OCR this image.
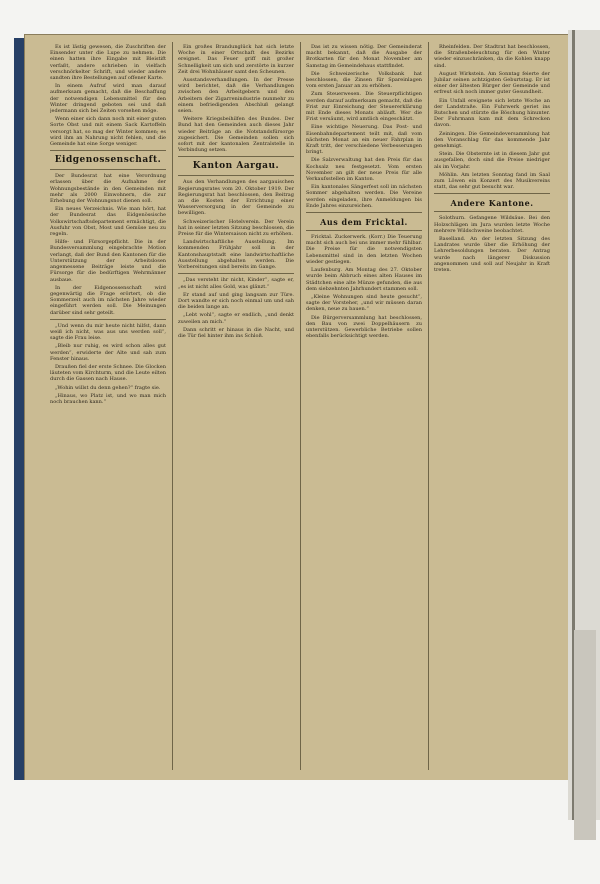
Es ist lästig gewesen, die Zuschriften der Einsender unter die Lupe zu nehmen. Die einen hatten ihre Eingabe mit Bleistift verfaßt, andere schrieben in vielfach verschnörkelter Schrift, und wieder andere sandten ihre Bestellungen auf offener Karte.

In einem Aufruf wird man darauf aufmerksam gemacht, daß die Beschaffung der notwendigen Lebensmittel für den Winter dringend geboten sei und daß jedermann sich bei Zeiten vorsehen möge.

Wenn einer sich dann noch mit einer guten Sorte Obst und mit einem Sack Kartoffeln versorgt hat, so mag der Winter kommen; es wird ihm an Nahrung nicht fehlen, und die Gemeinde hat eine Sorge weniger.

Eidgenossenschaft.

Der Bundesrat hat eine Verordnung erlassen über die Aufnahme der Wohnungsbestände in den Gemeinden mit mehr als 2000 Einwohnern, die zur Erhebung der Wohnungsnot dienen soll.

Ein neues Verzeichnis. Wie man hört, hat der Bundesrat das Eidgenössische Volkswirtschaftsdepartement ermächtigt, die Ausfuhr von Obst, Most und Gemüse neu zu regeln.

Hilfe- und Fürsorgepflicht. Die in der Bundesversammlung eingebrachte Motion verlangt, daß der Bund den Kantonen für die Unterstützung der Arbeitslosen angemessene Beiträge leiste und die Fürsorge für die bedürftigen Wehrmänner ausbaue.

In der Eidgenossenschaft wird gegenwärtig die Frage erörtert, ob die Sommerzeit auch im nächsten Jahre wieder eingeführt werden soll. Die Meinungen darüber sind sehr geteilt.

„Und wenn du mir heute nicht hilfst, dann weiß ich nicht, was aus uns werden soll“, sagte die Frau leise.

„Bleib nur ruhig, es wird schon alles gut werden“, erwiderte der Alte und sah zum Fenster hinaus.

Draußen fiel der erste Schnee. Die Glocken läuteten vom Kirchturm, und die Leute eilten durch die Gassen nach Hause.

„Wohin willst du denn gehen?“ fragte sie.

„Hinaus, wo Platz ist, und wo man mich noch brauchen kann.“

Ein großes Brandunglück hat sich letzte Woche in einer Ortschaft des Bezirks ereignet. Das Feuer griff mit großer Schnelligkeit um sich und zerstörte in kurzer Zeit drei Wohnhäuser samt den Scheunen.

Ausstandsverhandlungen. In der Presse wird berichtet, daß die Verhandlungen zwischen den Arbeitgebern und den Arbeitern der Zigarrenindustrie nunmehr zu einem befriedigenden Abschluß gelangt seien.

Weitere Kriegsbeihilfen des Bundes. Der Bund hat den Gemeinden auch dieses Jahr wieder Beiträge an die Notstandsfürsorge zugesichert. Die Gemeinden sollen sich sofort mit der kantonalen Zentralstelle in Verbindung setzen.

Kanton Aargau.

Aus den Verhandlungen des aargauischen Regierungsrates vom 20. Oktober 1919. Der Regierungsrat hat beschlossen, den Beitrag an die Kosten der Errichtung einer Wasserversorgung in der Gemeinde zu bewilligen.

Schweizerischer Hotelverein. Der Verein hat in seiner letzten Sitzung beschlossen, die Preise für die Wintersaison nicht zu erhöhen.

Landwirtschaftliche Ausstellung. Im kommenden Frühjahr soll in der Kantonshauptstadt eine landwirtschaftliche Ausstellung abgehalten werden. Die Vorbereitungen sind bereits im Gange.

„Das versteht ihr nicht, Kinder“, sagte er, „es ist nicht alles Gold, was glänzt.“

Er stand auf und ging langsam zur Türe. Dort wandte er sich noch einmal um und sah die beiden lange an.

„Lebt wohl“, sagte er endlich, „und denkt zuweilen an mich.“

Dann schritt er hinaus in die Nacht, und die Tür fiel hinter ihm ins Schloß.

Das ist zu wissen nötig. Der Gemeinderat macht bekannt, daß die Ausgabe der Brotkarten für den Monat November am Samstag im Gemeindehaus stattfindet.

Die Schweizerische Volksbank hat beschlossen, die Zinsen für Spareinlagen vom ersten Januar an zu erhöhen.

Zum Steuerwesen. Die Steuerpflichtigen werden darauf aufmerksam gemacht, daß die Frist zur Einreichung der Steuererklärung mit Ende dieses Monats abläuft. Wer die Frist versäumt, wird amtlich eingeschätzt.

Eine wichtige Neuerung. Das Post- und Eisenbahndepartement teilt mit, daß vom nächsten Monat an ein neuer Fahrplan in Kraft tritt, der verschiedene Verbesserungen bringt.

Die Salzverwaltung hat den Preis für das Kochsalz neu festgesetzt. Vom ersten November an gilt der neue Preis für alle Verkaufsstellen im Kanton.

Ein kantonales Sängerfest soll im nächsten Sommer abgehalten werden. Die Vereine werden eingeladen, ihre Anmeldungen bis Ende Jahres einzureichen.

Aus dem Fricktal.

Fricktal. Zuckerwerk. (Korr.) Die Teuerung macht sich auch bei uns immer mehr fühlbar. Die Preise für die notwendigsten Lebensmittel sind in den letzten Wochen wieder gestiegen.

Laufenburg. Am Montag des 27. Oktober wurde beim Abbruch eines alten Hauses im Städtchen eine alte Münze gefunden, die aus dem siebzehnten Jahrhundert stammen soll.

„Kleine Wohnungen sind heute gesucht“, sagte der Vorsteher, „und wir müssen daran denken, neue zu bauen.“

Die Bürgerversammlung hat beschlossen, den Bau von zwei Doppelhäusern zu unterstützen. Gewerbliche Betriebe sollen ebenfalls berücksichtigt werden.

Rheinfelden. Der Stadtrat hat beschlossen, die Straßenbeleuchtung für den Winter wieder einzuschränken, da die Kohlen knapp sind.

August Wirkstein. Am Sonntag feierte der Jubilar seinen achtzigsten Geburtstag. Er ist einer der ältesten Bürger der Gemeinde und erfreut sich noch immer guter Gesundheit.

Ein Unfall ereignete sich letzte Woche an der Landstraße. Ein Fuhrwerk geriet ins Rutschen und stürzte die Böschung hinunter. Der Fuhrmann kam mit dem Schrecken davon.

Zeiningen. Die Gemeindeversammlung hat den Voranschlag für das kommende Jahr genehmigt.

Stein. Die Obsternte ist in diesem Jahr gut ausgefallen, doch sind die Preise niedriger als im Vorjahr.

Möhlin. Am letzten Sonntag fand im Saal zum Löwen ein Konzert des Musikvereins statt, das sehr gut besucht war.

Andere Kantone.

Solothurn. Gefangene Wildsäue. Bei den Holzschlägen im Jura wurden letzte Woche mehrere Wildschweine beobachtet.

Baselland. An der letzten Sitzung des Landrates wurde über die Erhöhung der Lehrerbesoldungen beraten. Der Antrag wurde nach längerer Diskussion angenommen und soll auf Neujahr in Kraft treten.
